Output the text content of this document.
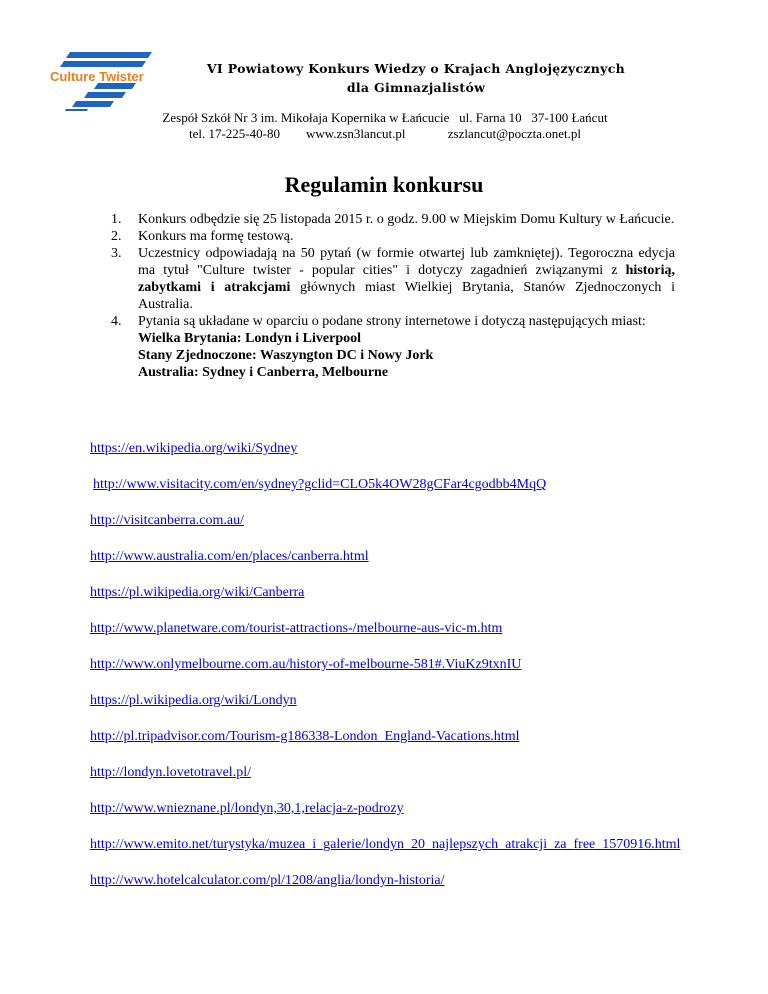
Culture Twister
VI Powiatowy Konkurs Wiedzy o Krajach Anglojęzycznych
dla Gimnazjalistów
Zespół Szkół Nr 3 im. Mikołaja Kopernika w Łańcucie   ul. Farna 10   37-100 Łańcut
tel. 17-225-40-80        www.zsn3lancut.pl             zszlancut@poczta.onet.pl
Regulamin konkursu
1. Konkurs odbędzie się 25 listopada 2015 r. o godz. 9.00 w Miejskim Domu Kultury w Łańcucie.
2. Konkurs ma formę testową.
3. Uczestnicy odpowiadają na 50 pytań (w formie otwartej lub zamkniętej). Tegoroczna edycja ma tytuł "Culture twister - popular cities" i dotyczy zagadnień związanymi z historią, zabytkami i atrakcjami głównych miast Wielkiej Brytania, Stanów Zjednoczonych i Australia.
4. Pytania są układane w oparciu o podane strony internetowe i dotyczą następujących miast:
Wielka Brytania: Londyn i Liverpool
Stany Zjednoczone: Waszyngton DC i Nowy Jork
Australia: Sydney i Canberra, Melbourne
https://en.wikipedia.org/wiki/Sydney
http://www.visitacity.com/en/sydney?gclid=CLO5k4OW28gCFar4cgodbb4MqQ
http://visitcanberra.com.au/
http://www.australia.com/en/places/canberra.html
https://pl.wikipedia.org/wiki/Canberra
http://www.planetware.com/tourist-attractions-/melbourne-aus-vic-m.htm
http://www.onlymelbourne.com.au/history-of-melbourne-581#.ViuKz9txnIU
https://pl.wikipedia.org/wiki/Londyn
http://pl.tripadvisor.com/Tourism-g186338-London_England-Vacations.html
http://londyn.lovetotravel.pl/
http://www.wnieznane.pl/londyn,30,1,relacja-z-podrozy
http://www.emito.net/turystyka/muzea_i_galerie/londyn_20_najlepszych_atrakcji_za_free_1570916.html
http://www.hotelcalculator.com/pl/1208/anglia/londyn-historia/
